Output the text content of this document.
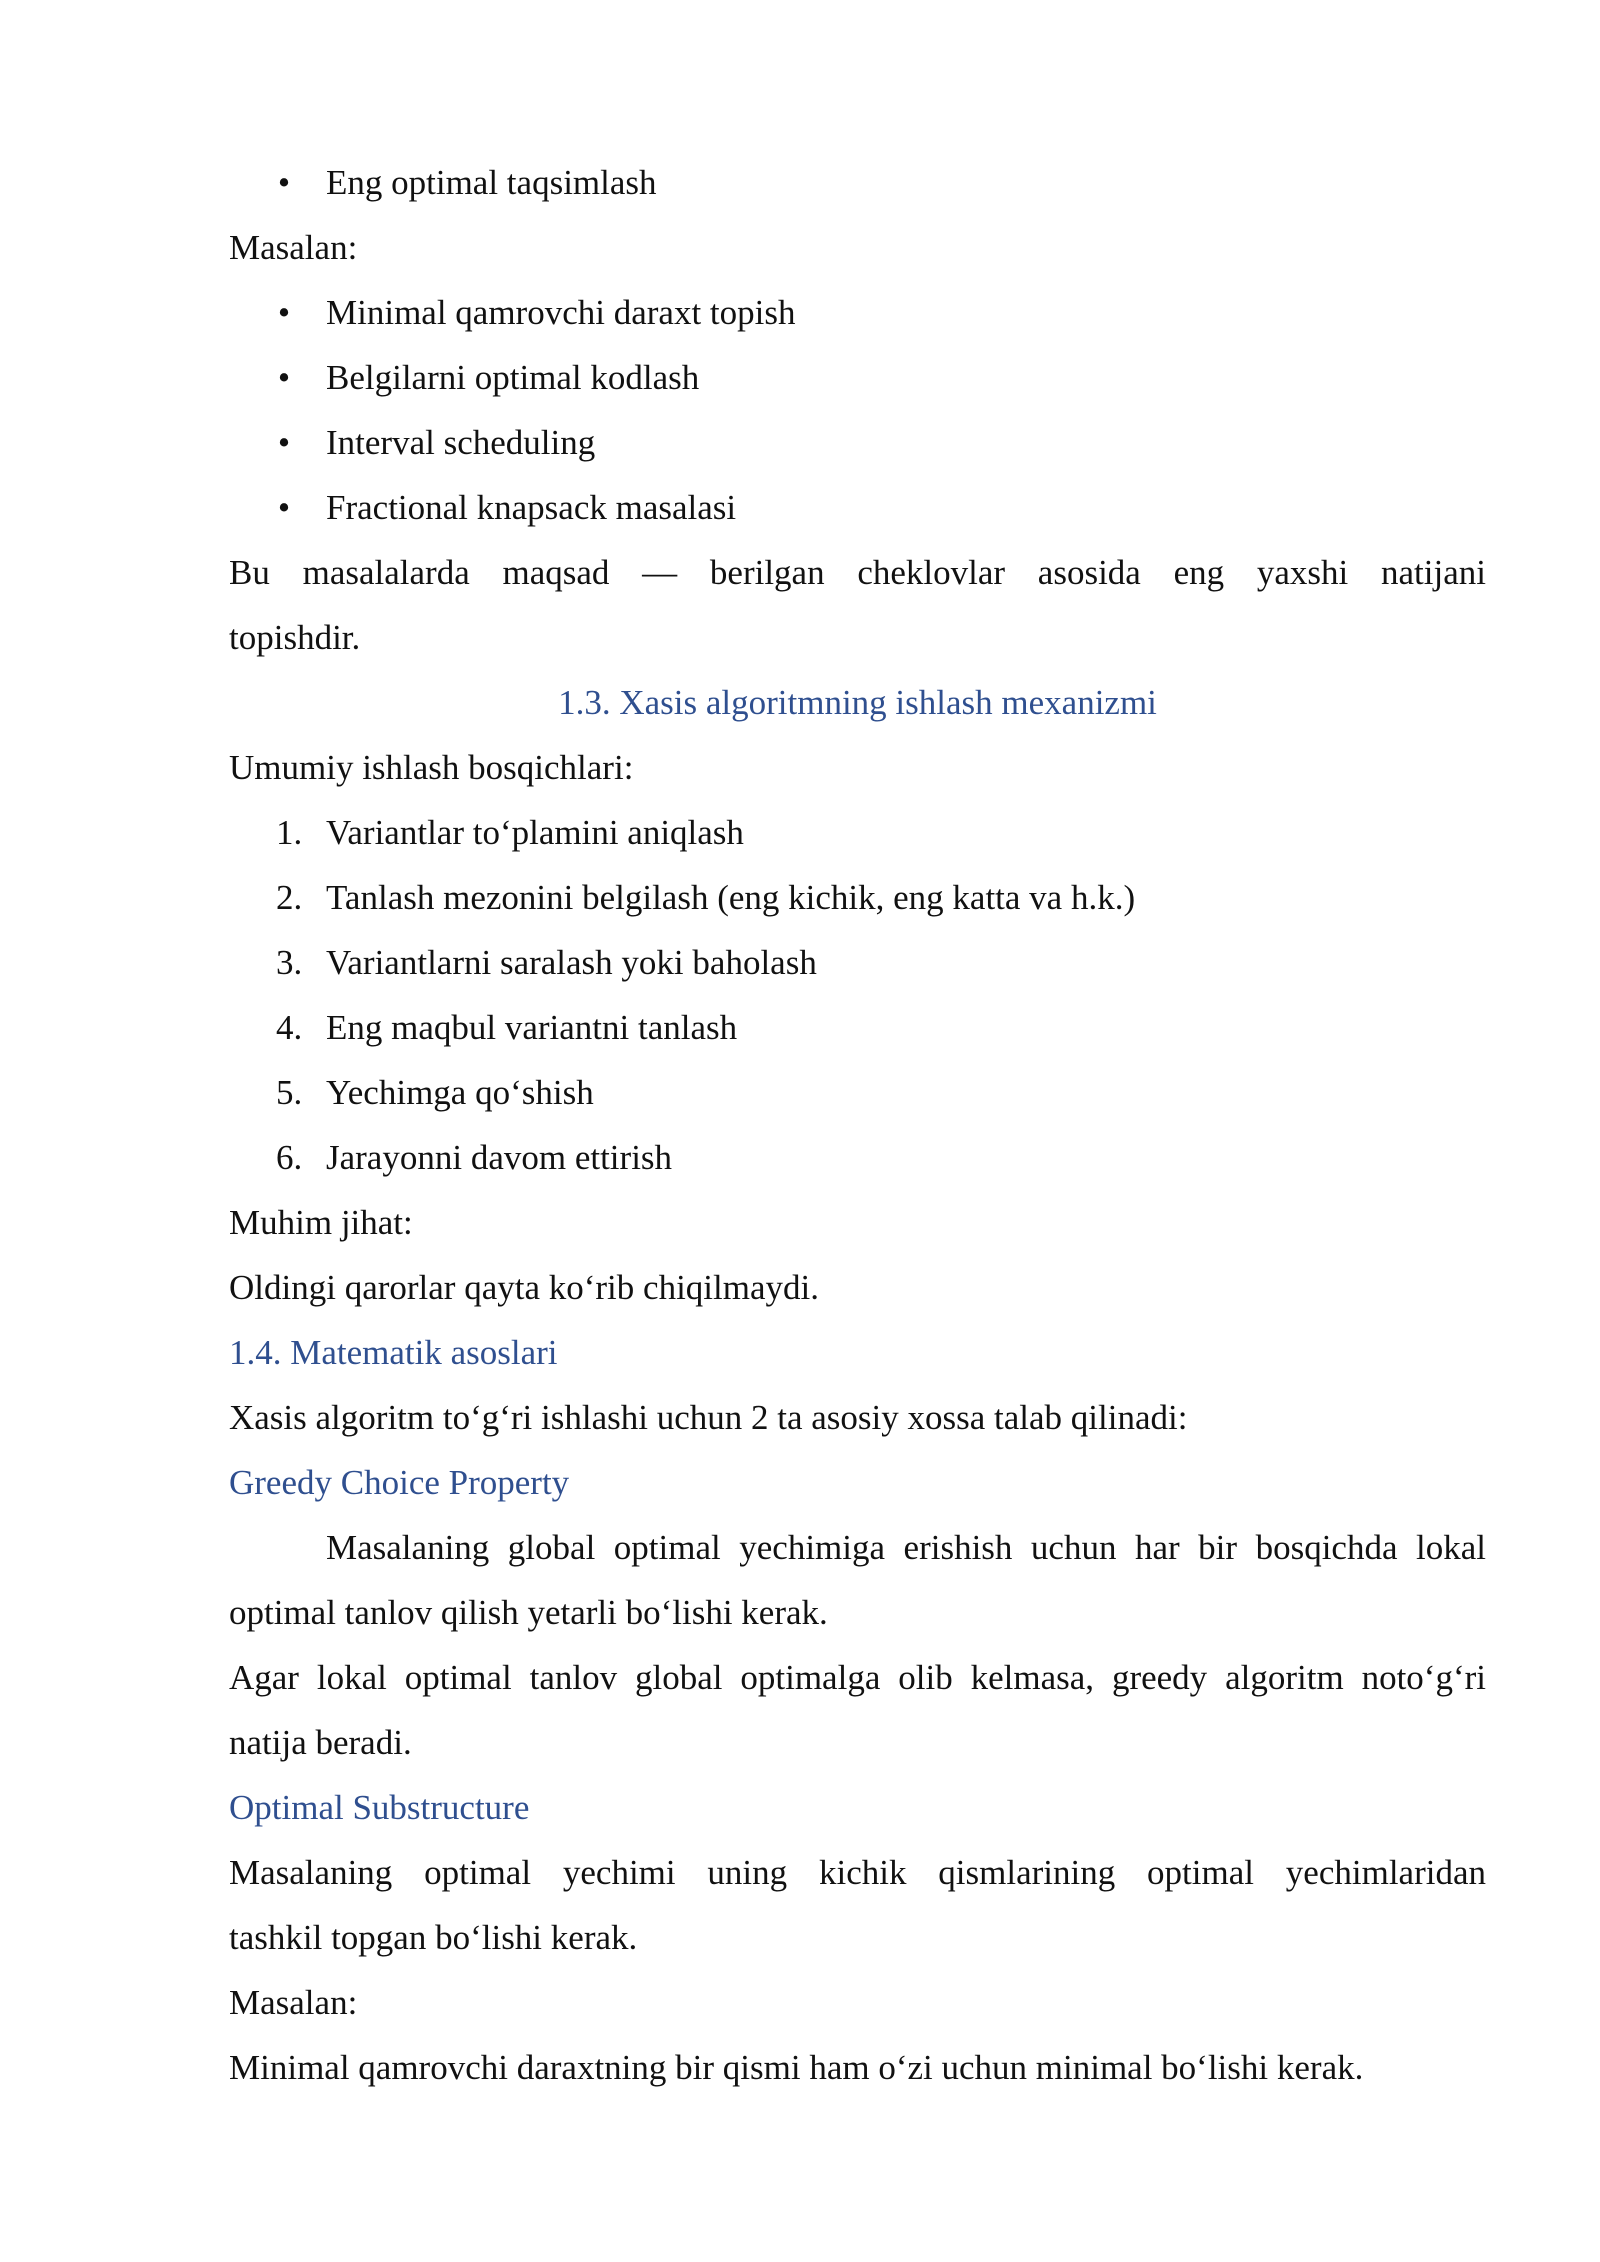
• Eng optimal taqsimlash
Masalan:
• Minimal qamrovchi daraxt topish
• Belgilarni optimal kodlash
• Interval scheduling
• Fractional knapsack masalasi
Bu masalalarda maqsad — berilgan cheklovlar asosida eng yaxshi natijani
topishdir.
1.3. Xasis algoritmning ishlash mexanizmi
Umumiy ishlash bosqichlari:
1. Variantlar to‘plamini aniqlash
2. Tanlash mezonini belgilash (eng kichik, eng katta va h.k.)
3. Variantlarni saralash yoki baholash
4. Eng maqbul variantni tanlash
5. Yechimga qo‘shish
6. Jarayonni davom ettirish
Muhim jihat:
Oldingi qarorlar qayta ko‘rib chiqilmaydi.
1.4. Matematik asoslari
Xasis algoritm to‘g‘ri ishlashi uchun 2 ta asosiy xossa talab qilinadi:
Greedy Choice Property
Masalaning global optimal yechimiga erishish uchun har bir bosqichda lokal
optimal tanlov qilish yetarli bo‘lishi kerak.
Agar lokal optimal tanlov global optimalga olib kelmasa, greedy algoritm noto‘g‘ri
natija beradi.
Optimal Substructure
Masalaning optimal yechimi uning kichik qismlarining optimal yechimlaridan
tashkil topgan bo‘lishi kerak.
Masalan:
Minimal qamrovchi daraxtning bir qismi ham o‘zi uchun minimal bo‘lishi kerak.
